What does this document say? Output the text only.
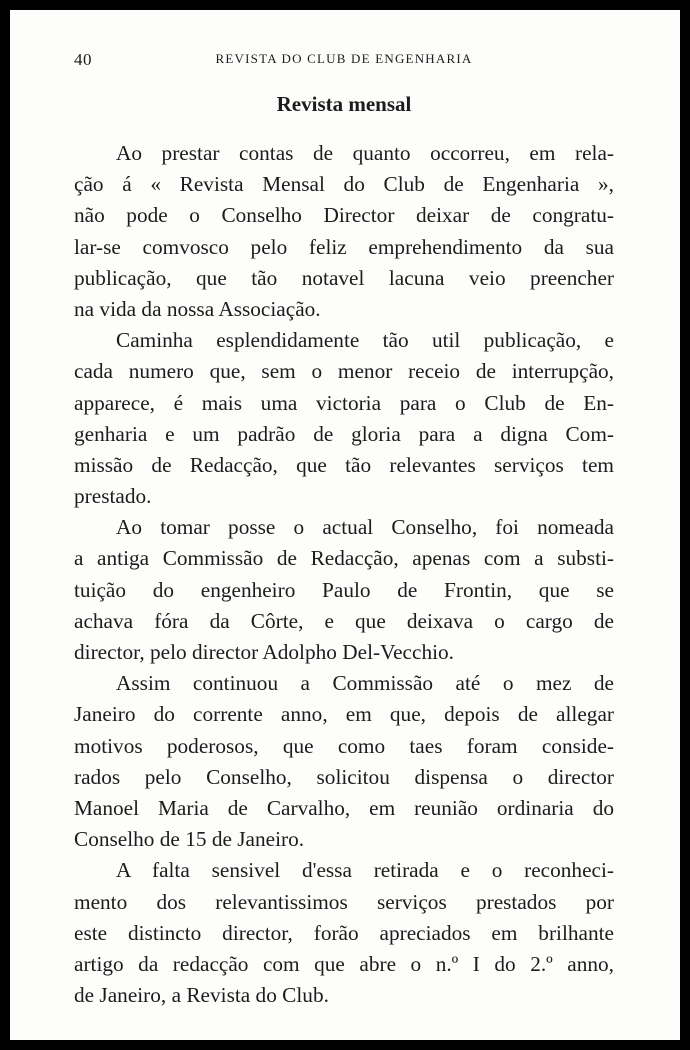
40	REVISTA DO CLUB DE ENGENHARIA
Revista mensal
Ao prestar contas de quanto occorreu, em rela-
ção á « Revista Mensal do Club de Engenharia »,
não pode o Conselho Director deixar de congratu-
lar-se comvosco pelo feliz emprehendimento da sua
publicação, que tão notavel lacuna veio preencher
na vida da nossa Associação.
Caminha esplendidamente tão util publicação, e
cada numero que, sem o menor receio de interrupção,
apparece, é mais uma victoria para o Club de En-
genharia e um padrão de gloria para a digna Com-
missão de Redacção, que tão relevantes serviços tem
prestado.
Ao tomar posse o actual Conselho, foi nomeada
a antiga Commissão de Redacção, apenas com a substi-
tuição do engenheiro Paulo de Frontin, que se
achava fóra da Côrte, e que deixava o cargo de
director, pelo director Adolpho Del-Vecchio.
Assim continuou a Commissão até o mez de
Janeiro do corrente anno, em que, depois de allegar
motivos poderosos, que como taes foram conside-
rados pelo Conselho, solicitou dispensa o director
Manoel Maria de Carvalho, em reunião ordinaria do
Conselho de 15 de Janeiro.
A falta sensivel d'essa retirada e o reconheci-
mento dos relevantissimos serviços prestados por
este distincto director, forão apreciados em brilhante
artigo da redacção com que abre o n.º I do 2.º anno,
de Janeiro, a Revista do Club.
